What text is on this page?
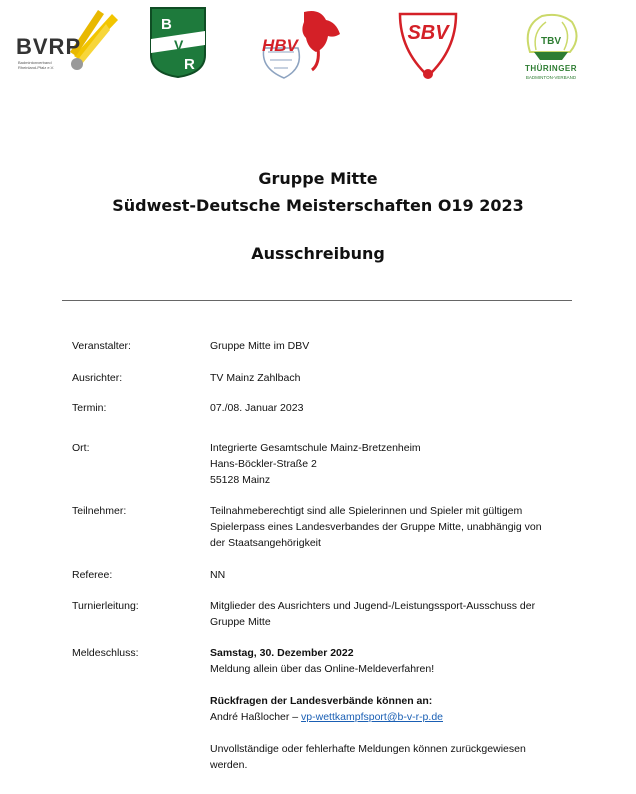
BVRP
Badmintonverband
Rheinland-Pfalz e.V.
B
V
R
HBV
SBV	TBV
THÜRINGER
BADMINTON-VERBAND
Gruppe Mitte
Südwest-Deutsche Meisterschaften O19 2023
Ausschreibung
Veranstalter:	Gruppe Mitte im DBV
Ausrichter:	TV Mainz Zahlbach
Termin:	07./08. Januar 2023
Ort:	Integrierte Gesamtschule Mainz-Bretzenheim
Hans-Böckler-Straße 2
55128 Mainz
Teilnehmer:	Teilnahmeberechtigt sind alle Spielerinnen und Spieler mit gültigem
Spielerpass eines Landesverbandes der Gruppe Mitte, unabhängig von
der Staatsangehörigkeit
Referee:	NN
Turnierleitung:	Mitglieder des Ausrichters und Jugend-/Leistungssport-Ausschuss der
Gruppe Mitte
Meldeschluss:	Samstag, 30. Dezember 2022
Meldung allein über das Online-Meldeverfahren!
Rückfragen der Landesverbände können an:
André Haßlocher – vp-wettkampfsport@b-v-r-p.de
Unvollständige oder fehlerhafte Meldungen können zurückgewiesen
werden.
